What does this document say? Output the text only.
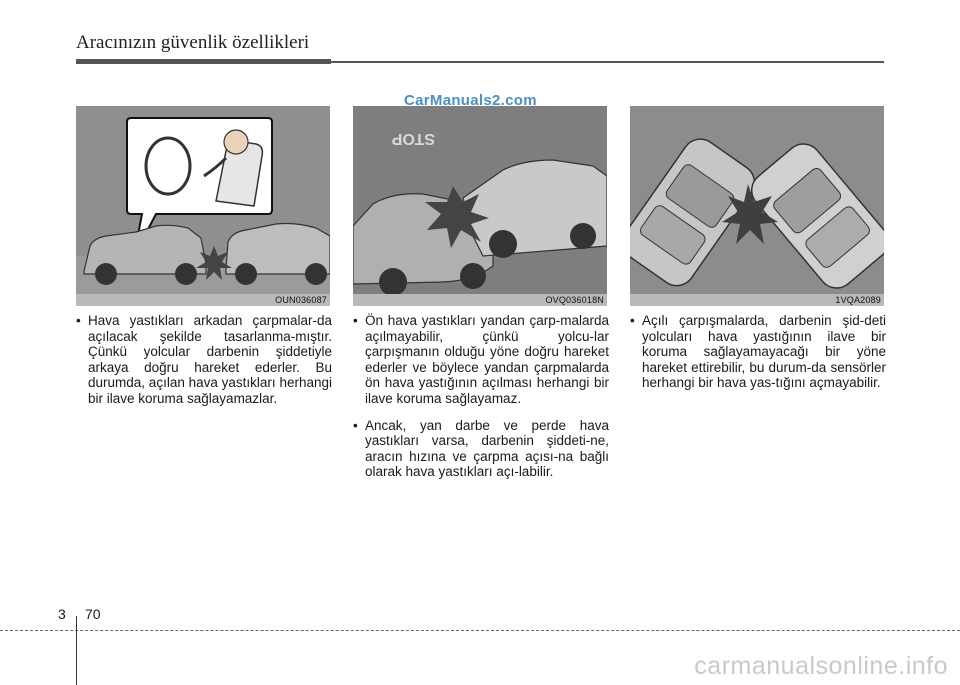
Aracınızın güvenlik özellikleri
OUN036087
STOP
OVQ036018N	1VQA2089
CarManuals2.com

• Hava yastıkları arkadan çarpmalar-da açılacak şekilde tasarlanma-mıştır. Çünkü yolcular darbenin şiddetiyle arkaya doğru hareket ederler. Bu durumda, açılan hava yastıkları herhangi bir ilave koruma sağlayamazlar.

• Ön hava yastıkları yandan çarp-malarda açılmayabilir, çünkü yolcu-lar çarpışmanın olduğu yöne doğru hareket ederler ve böylece yandan çarpmalarda ön hava yastığının açılması herhangi bir ilave koruma sağlayamaz.

• Ancak, yan darbe ve perde hava yastıkları varsa, darbenin şiddeti-ne, aracın hızına ve çarpma açısı-na bağlı olarak hava yastıkları açı-labilir.

• Açılı çarpışmalarda, darbenin şid-deti yolcuları hava yastığının ilave bir koruma sağlayamayacağı bir yöne hareket ettirebilir, bu durum-da sensörler herhangi bir hava yas-tığını açmayabilir.

3 70
carmanualsonline.info
